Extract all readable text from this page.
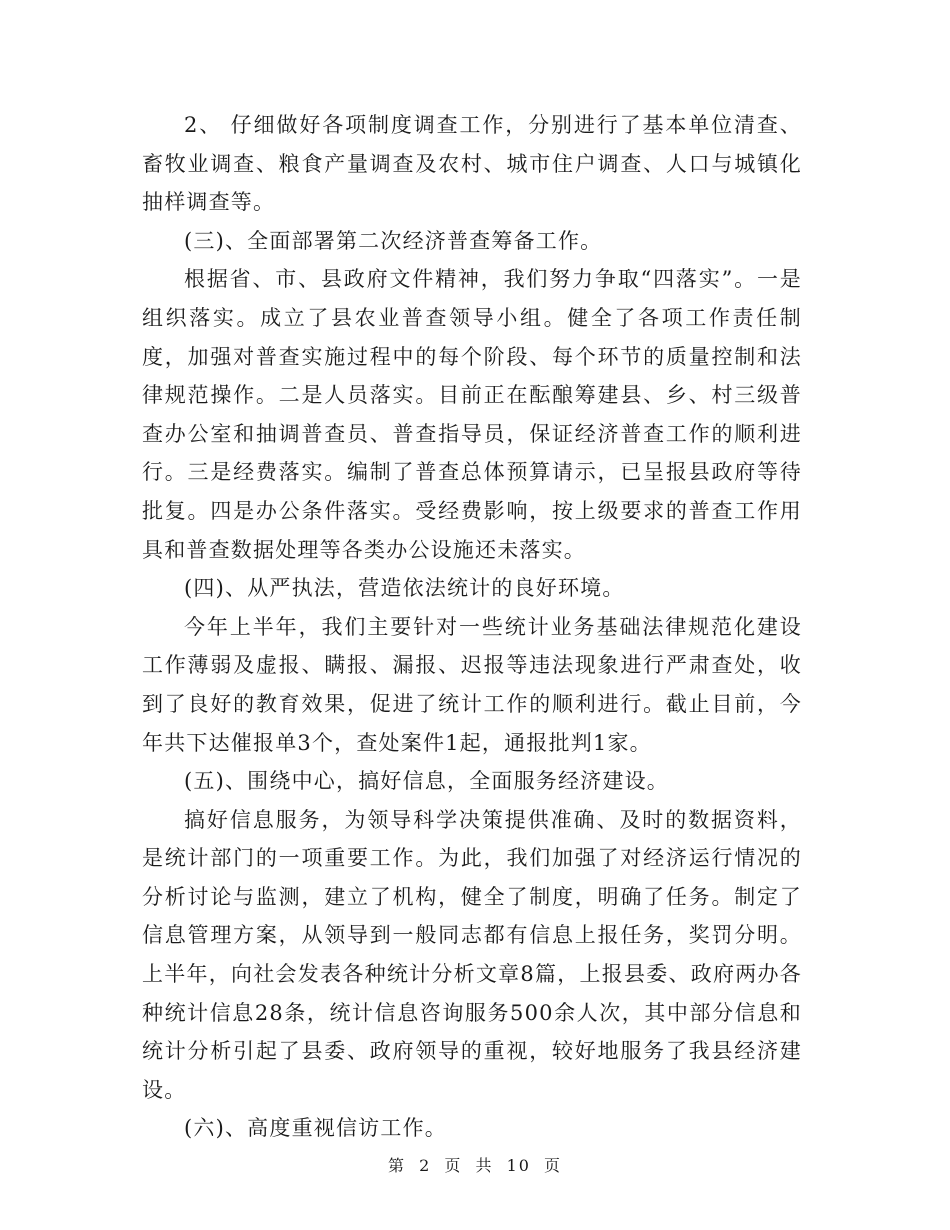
2、 仔细做好各项制度调查工作，分别进行了基本单位清查、畜牧业调查、粮食产量调查及农村、城市住户调查、人口与城镇化抽样调查等。

(三)、全面部署第二次经济普查筹备工作。

根据省、市、县政府文件精神，我们努力争取“四落实”。一是组织落实。成立了县农业普查领导小组。健全了各项工作责任制度，加强对普查实施过程中的每个阶段、每个环节的质量控制和法律规范操作。二是人员落实。目前正在酝酿筹建县、乡、村三级普查办公室和抽调普查员、普查指导员，保证经济普查工作的顺利进行。三是经费落实。编制了普查总体预算请示，已呈报县政府等待批复。四是办公条件落实。受经费影响，按上级要求的普查工作用具和普查数据处理等各类办公设施还未落实。

(四)、从严执法，营造依法统计的良好环境。

今年上半年，我们主要针对一些统计业务基础法律规范化建设工作薄弱及虚报、瞒报、漏报、迟报等违法现象进行严肃查处，收到了良好的教育效果，促进了统计工作的顺利进行。截止目前，今年共下达催报单3个，查处案件1起，通报批判1家。

(五)、围绕中心，搞好信息，全面服务经济建设。

搞好信息服务，为领导科学决策提供准确、及时的数据资料，是统计部门的一项重要工作。为此，我们加强了对经济运行情况的分析讨论与监测，建立了机构，健全了制度，明确了任务。制定了信息管理方案，从领导到一般同志都有信息上报任务，奖罚分明。上半年，向社会发表各种统计分析文章8篇，上报县委、政府两办各种统计信息28条，统计信息咨询服务500余人次，其中部分信息和统计分析引起了县委、政府领导的重视，较好地服务了我县经济建设。

(六)、高度重视信访工作。

第 2 页 共 10 页
